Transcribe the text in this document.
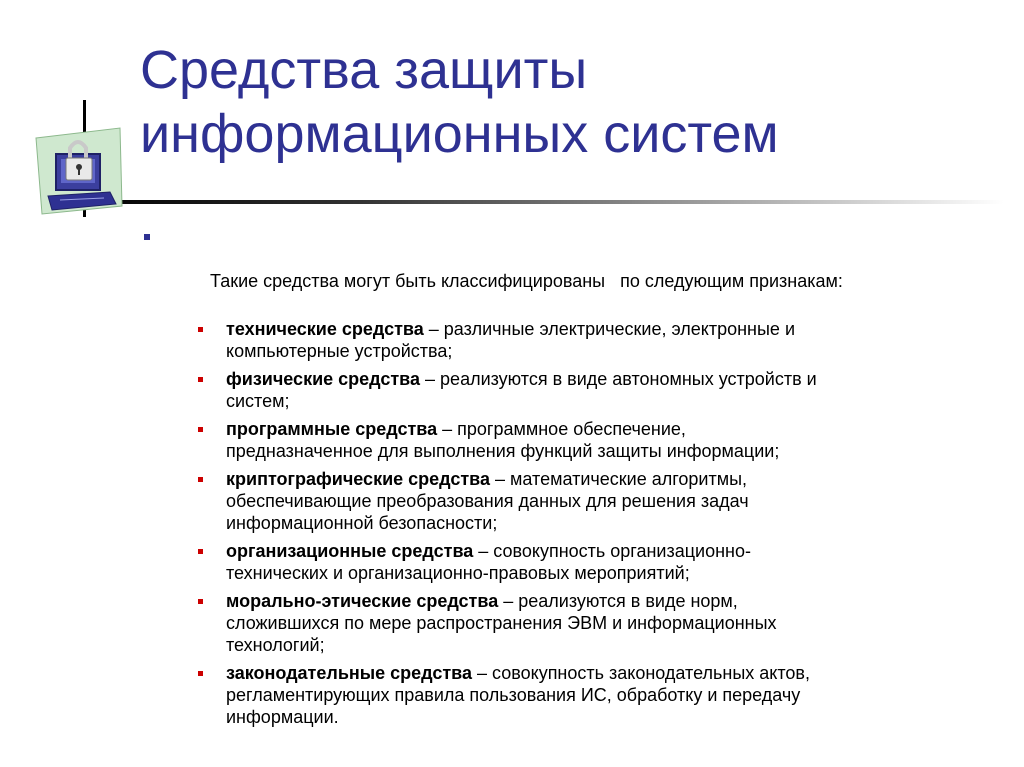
Средства защиты
информационных систем

Такие средства могут быть классифицированы   по следующим признакам:

технические средства – различные электрические, электронные и
компьютерные устройства;
физические средства – реализуются в виде автономных устройств и
систем;
программные средства – программное обеспечение,
предназначенное для выполнения функций защиты информации;
криптографические средства – математические алгоритмы,
обеспечивающие преобразования данных для решения задач
информационной безопасности;
организационные средства – совокупность организационно-
технических и организационно-правовых мероприятий;
морально-этические средства – реализуются в виде норм,
сложившихся по мере распространения ЭВМ и информационных
технологий;
законодательные средства – совокупность законодательных актов,
регламентирующих правила пользования ИС, обработку и передачу
информации.
